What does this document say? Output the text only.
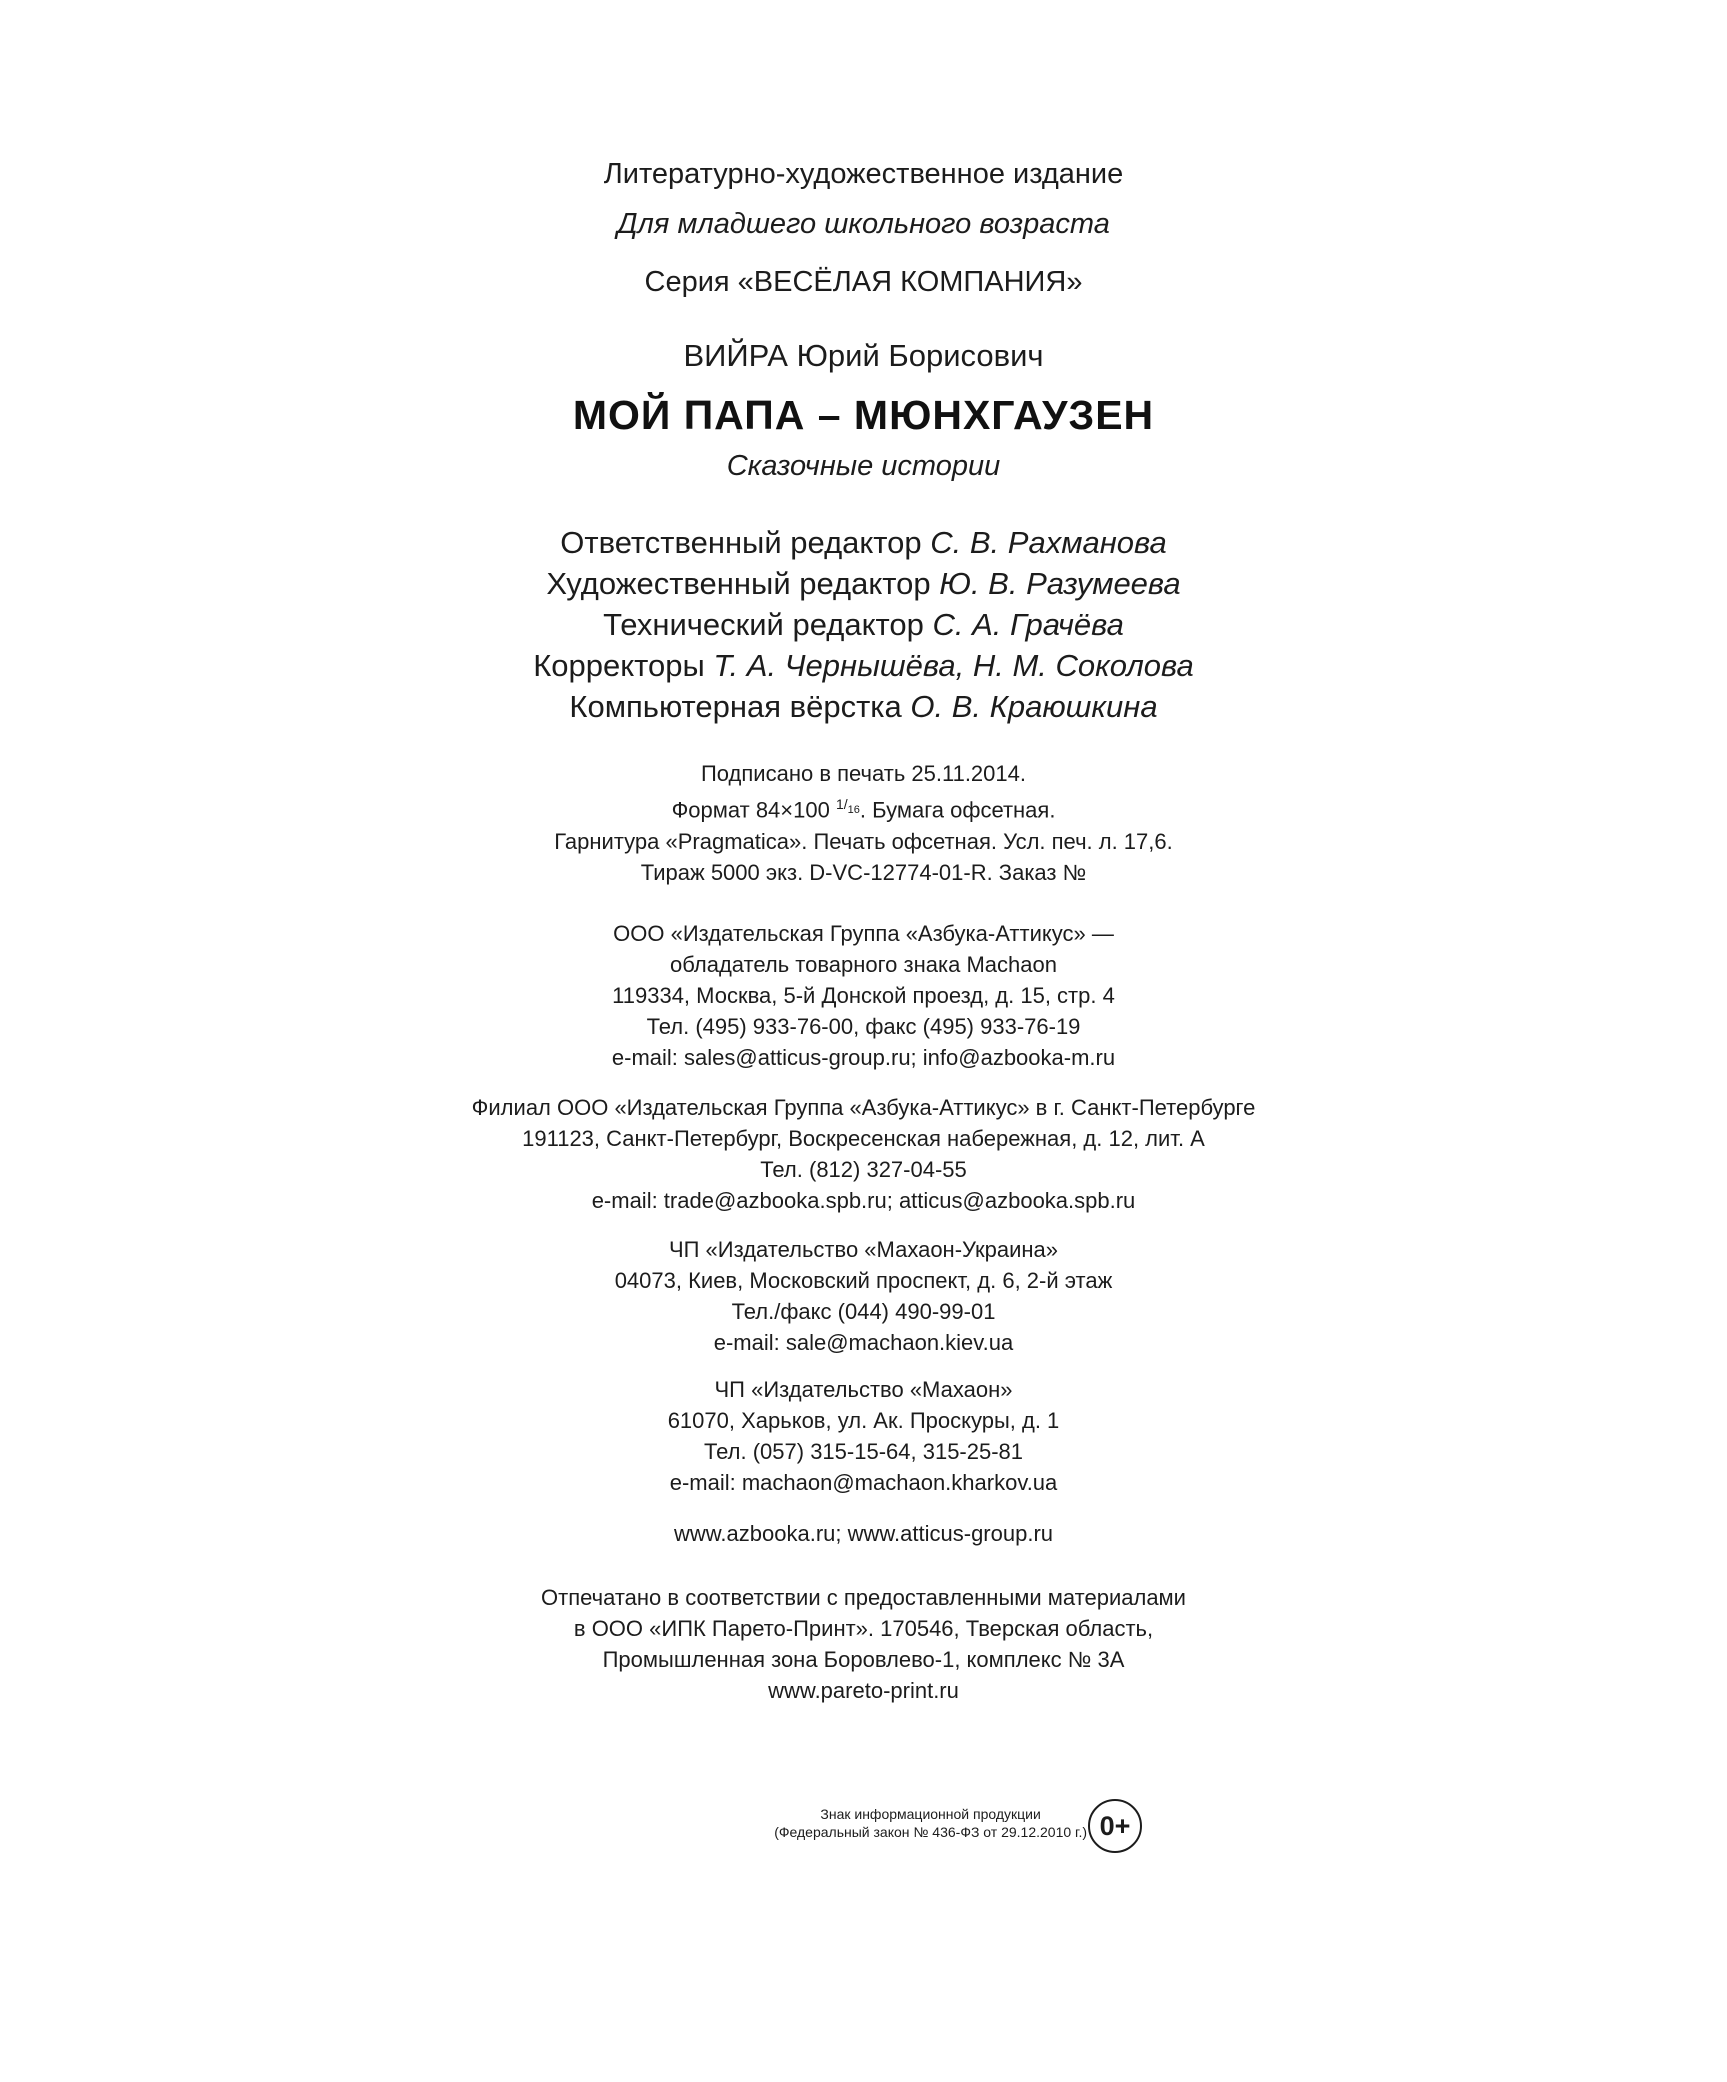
Литературно-художественное издание
Для младшего школьного возраста
Серия «ВЕСЁЛАЯ КОМПАНИЯ»
ВИЙРА Юрий Борисович
МОЙ ПАПА – МЮНХГАУЗЕН
Сказочные истории
Ответственный редактор С. В. Рахманова
Художественный редактор Ю. В. Разумеева
Технический редактор С. А. Грачёва
Корректоры Т. А. Чернышёва, Н. М. Соколова
Компьютерная вёрстка О. В. Краюшкина
Подписано в печать 25.11.2014.
Формат 84×100 $^{1/_{16}}$. Бумага офсетная.
Гарнитура «Pragmatica». Печать офсетная. Усл. печ. л. 17,6.
Тираж 5000 экз. D-VC-12774-01-R. Заказ №
ООО «Издательская Группа «Азбука-Аттикус» —
обладатель товарного знака Machaon
119334, Москва, 5-й Донской проезд, д. 15, стр. 4
Тел. (495) 933-76-00, факс (495) 933-76-19
e-mail: sales@atticus-group.ru; info@azbooka-m.ru
Филиал ООО «Издательская Группа «Азбука-Аттикус» в г. Санкт-Петербурге
191123, Санкт-Петербург, Воскресенская набережная, д. 12, лит. А
Тел. (812) 327-04-55
e-mail: trade@azbooka.spb.ru; atticus@azbooka.spb.ru
ЧП «Издательство «Махаон-Украина»
04073, Киев, Московский проспект, д. 6, 2-й этаж
Тел./факс (044) 490-99-01
e-mail: sale@machaon.kiev.ua
ЧП «Издательство «Махаон»
61070, Харьков, ул. Ак. Проскуры, д. 1
Тел. (057) 315-15-64, 315-25-81
e-mail: machaon@machaon.kharkov.ua
www.azbooka.ru; www.atticus-group.ru
Отпечатано в соответствии с предоставленными материалами
в ООО «ИПК Парето-Принт». 170546, Тверская область,
Промышленная зона Боровлево-1, комплекс № 3А
www.pareto-print.ru
Знак информационной продукции
(Федеральный закон № 436-ФЗ от 29.12.2010 г.) 0+
